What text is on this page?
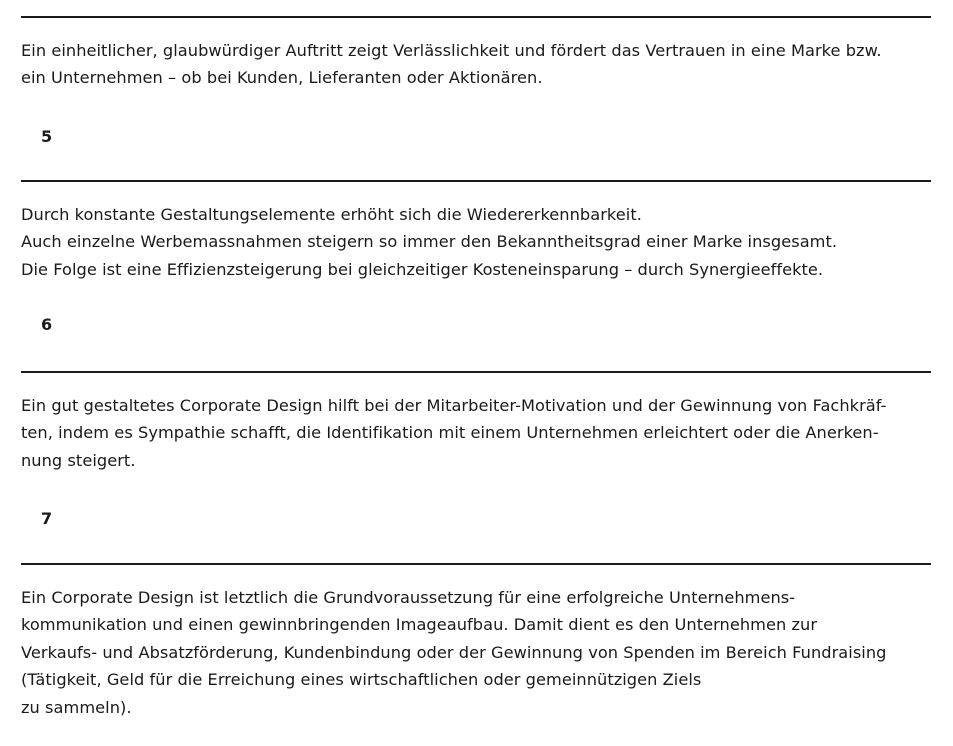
Ein einheitlicher, glaubwürdiger Auftritt zeigt Verlässlichkeit und fördert das Vertrauen in eine Marke bzw.
ein Unternehmen – ob bei Kunden, Lieferanten oder Aktionären.
5
Durch konstante Gestaltungselemente erhöht sich die Wiedererkennbarkeit.
Auch einzelne Werbemassnahmen steigern so immer den Bekanntheitsgrad einer Marke insgesamt.
Die Folge ist eine Effizienzsteigerung bei gleichzeitiger Kosteneinsparung – durch Synergieeffekte.
6
Ein gut gestaltetes Corporate Design hilft bei der Mitarbeiter-Motivation und der Gewinnung von Fachkräf-
ten, indem es Sympathie schafft, die Identifikation mit einem Unternehmen erleichtert oder die Anerken-
nung steigert.
7
Ein Corporate Design ist letztlich die Grundvoraussetzung für eine erfolgreiche Unternehmens-
kommunikation und einen gewinnbringenden Imageaufbau. Damit dient es den Unternehmen zur
Verkaufs- und Absatzförderung, Kundenbindung oder der Gewinnung von Spenden im Bereich Fundraising
(Tätigkeit, Geld für die Erreichung eines wirtschaftlichen oder gemeinnützigen Ziels
zu sammeln).
